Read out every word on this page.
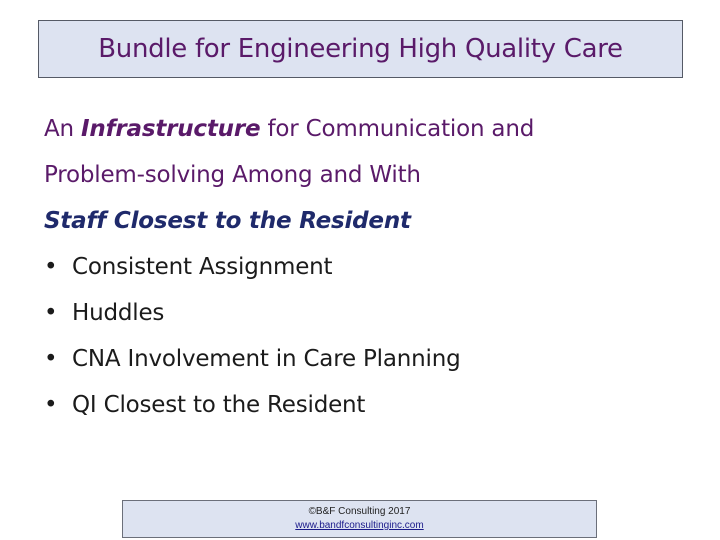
Bundle for Engineering High Quality Care
An Infrastructure for Communication and
Problem-solving Among and With
Staff Closest to the Resident
• Consistent Assignment
• Huddles
• CNA Involvement in Care Planning
• QI Closest to the Resident
©B&F Consulting 2017
www.bandfconsultinginc.com
